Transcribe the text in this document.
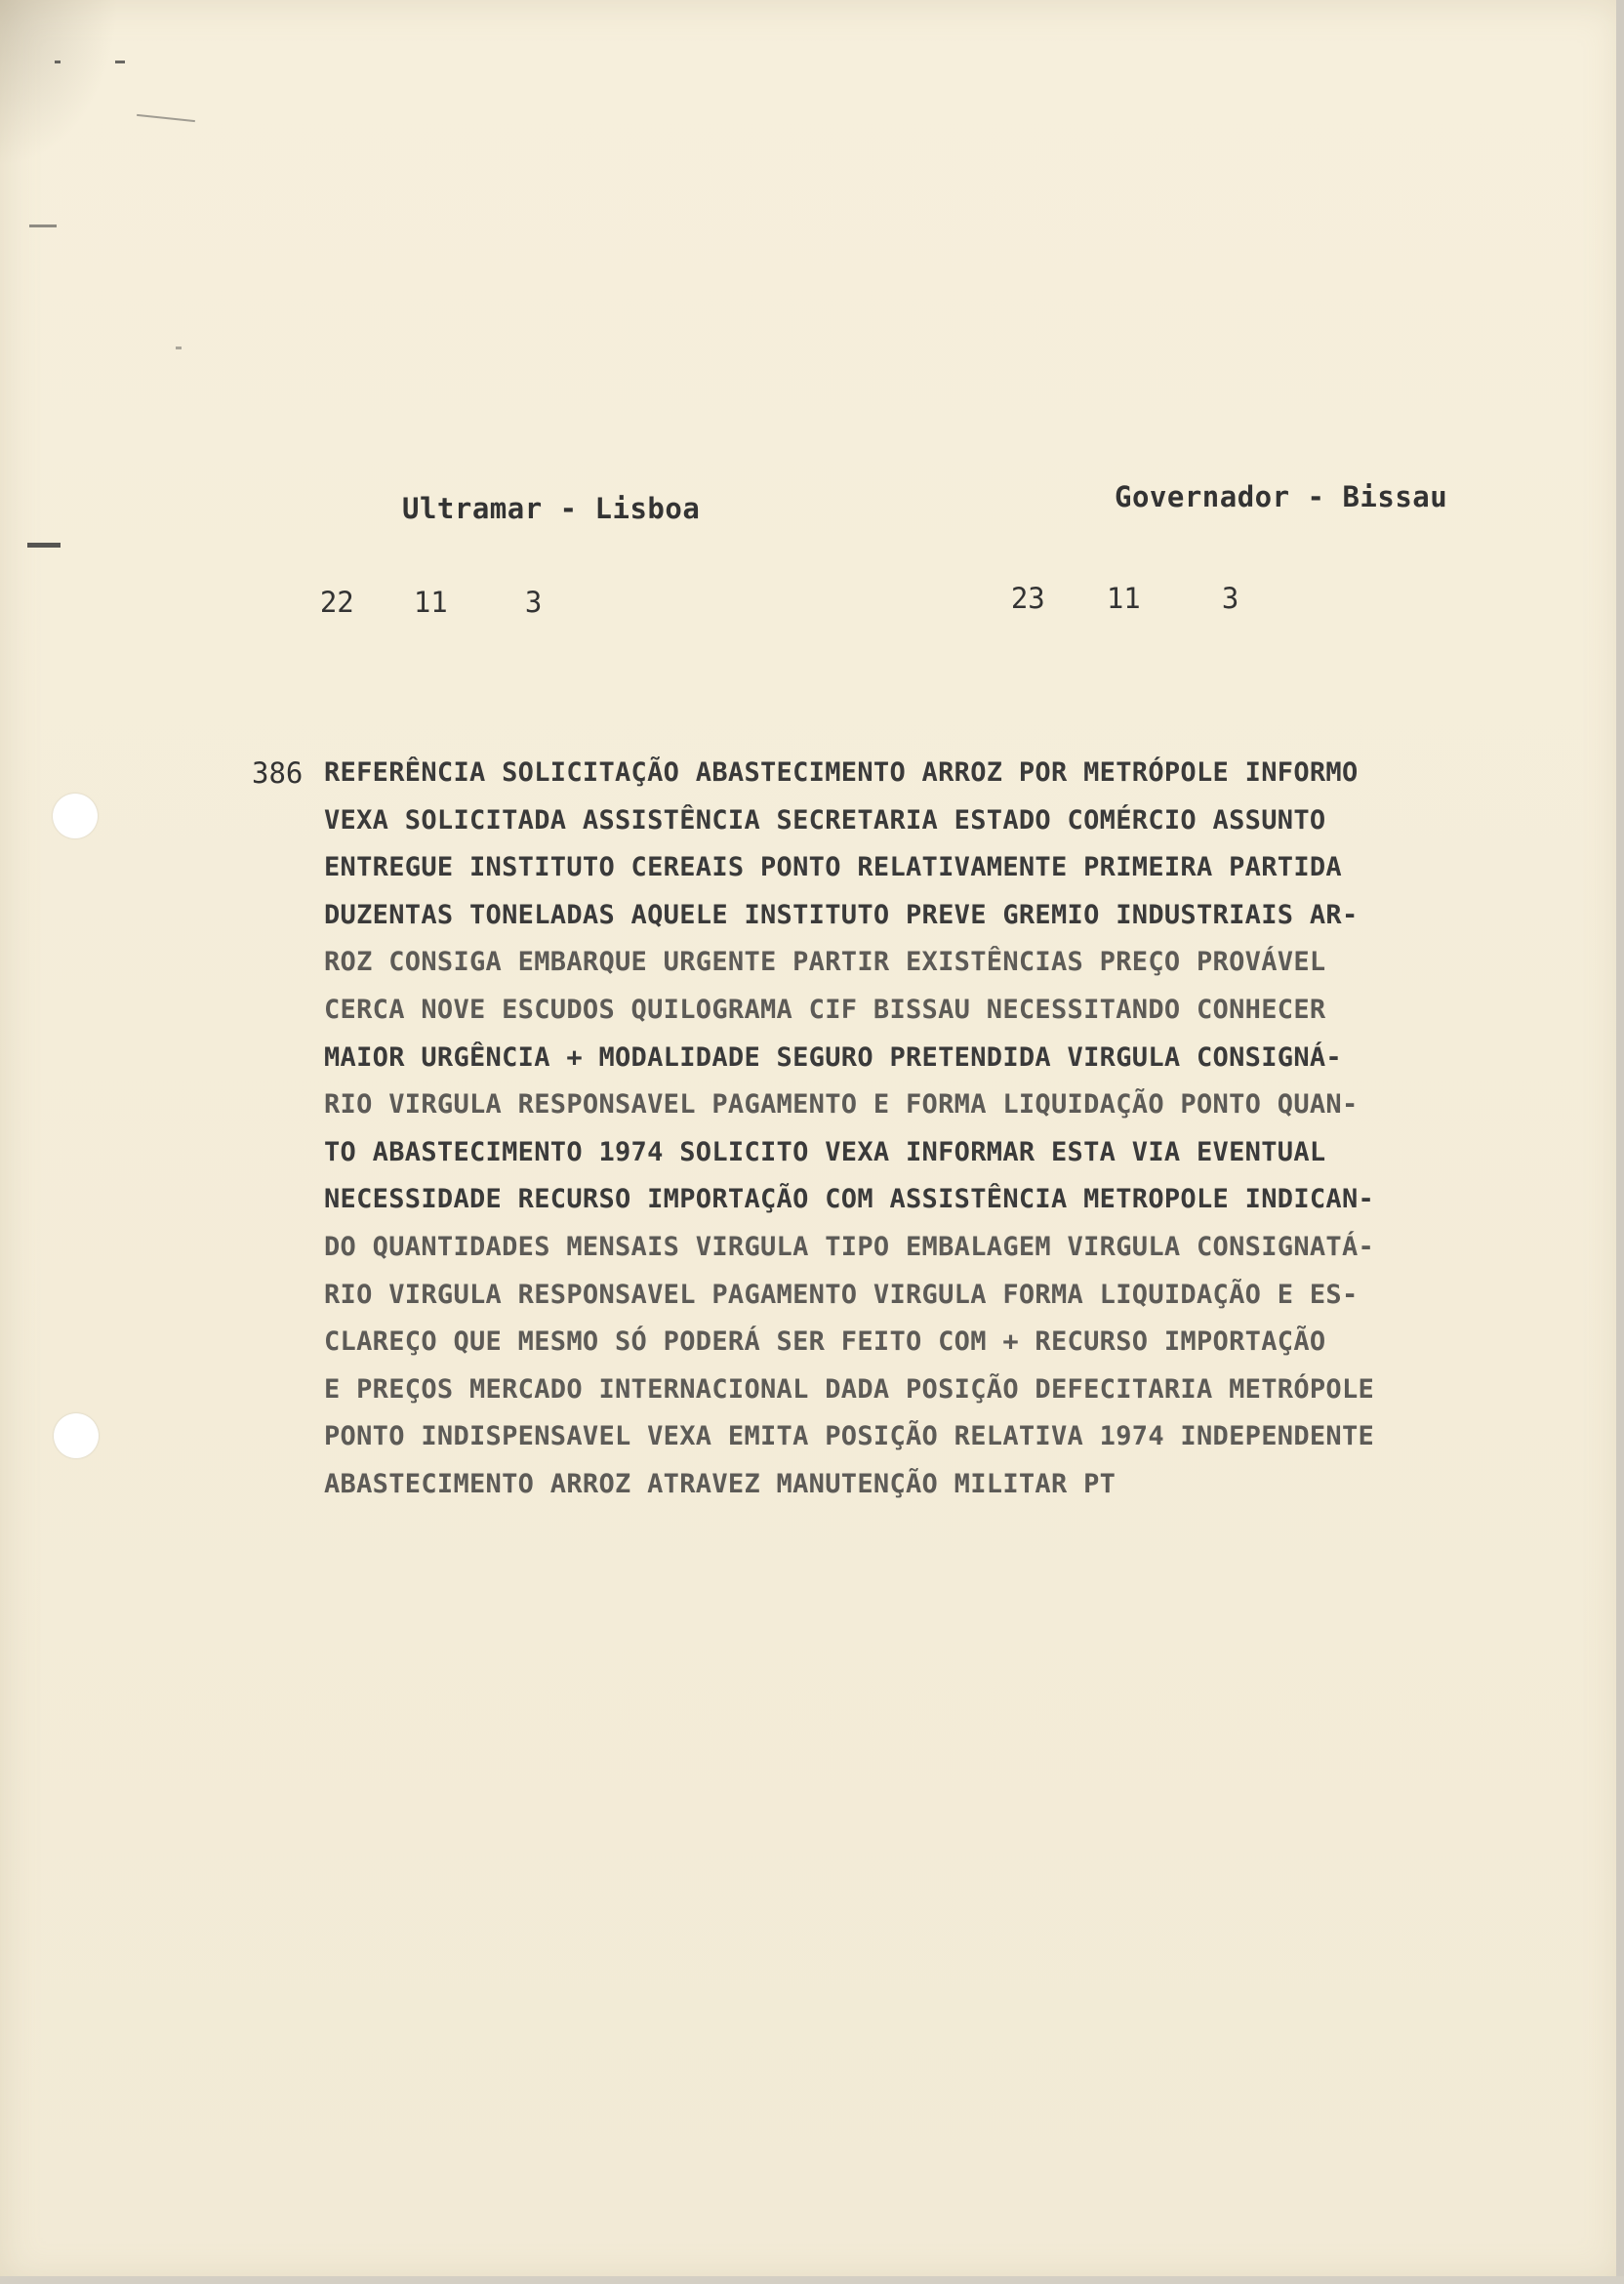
Ultramar - Lisboa	Governador - Bissau

22 11	3
	23 11	3

386 REFERÊNCIA SOLICITAÇÃO ABASTECIMENTO ARROZ POR METRÓPOLE INFORMO
VEXA SOLICITADA ASSISTÊNCIA SECRETARIA ESTADO COMÉRCIO ASSUNTO
ENTREGUE INSTITUTO CEREAIS PONTO RELATIVAMENTE PRIMEIRA PARTIDA
DUZENTAS TONELADAS AQUELE INSTITUTO PREVE GREMIO INDUSTRIAIS AR-
ROZ CONSIGA EMBARQUE URGENTE PARTIR EXISTÊNCIAS PREÇO PROVÁVEL
CERCA NOVE ESCUDOS QUILOGRAMA CIF BISSAU NECESSITANDO CONHECER
MAIOR URGÊNCIA + MODALIDADE SEGURO PRETENDIDA VIRGULA CONSIGNÁ-
RIO VIRGULA RESPONSAVEL PAGAMENTO E FORMA LIQUIDAÇÃO PONTO QUAN-
TO ABASTECIMENTO 1974 SOLICITO VEXA INFORMAR ESTA VIA EVENTUAL
NECESSIDADE RECURSO IMPORTAÇÃO COM ASSISTÊNCIA METROPOLE INDICAN-
DO QUANTIDADES MENSAIS VIRGULA TIPO EMBALAGEM VIRGULA CONSIGNATÁ-
RIO VIRGULA RESPONSAVEL PAGAMENTO VIRGULA FORMA LIQUIDAÇÃO E ES-
CLAREÇO QUE MESMO SÓ PODERÁ SER FEITO COM + RECURSO IMPORTAÇÃO
E PREÇOS MERCADO INTERNACIONAL DADA POSIÇÃO DEFECITARIA METRÓPOLE
PONTO INDISPENSAVEL VEXA EMITA POSIÇÃO RELATIVA 1974 INDEPENDENTE
ABASTECIMENTO ARROZ ATRAVEZ MANUTENÇÃO MILITAR PT
